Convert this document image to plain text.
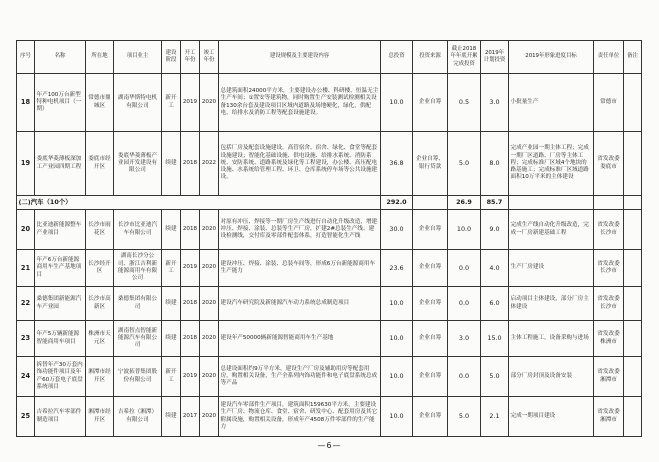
序号	名称	所在地	项目业主	建设阶段	开工年份	竣工年份	建设规模及主要建设内容	总投资	投资来源	截止2018年年底开累完成投资	2019年计划投资	2019年形象进度目标	责任单位	备注
18	年产100万台新型特种电机项目（一期）	常德市鼎城区	湖南华斯特电机有限公司	新开工	2019	2020	总建筑面积24000平方米，主要建设办公楼、科研楼、恒温无尘生产车间；①置安等建筑物，同时购置生产安装测试检测相关设备130余台套及建设项目区域内道路及场地硬化，绿化，供配电，给排水及消防工程等配套设施建设。	10.0	企业自筹	0.5	3.0	小批量生产	常德市	
19	娄底华菱薄板深加工产业园四期工程	娄底市经开区	娄底华菱薄板产业园开发建设有限公司	续建	2018	2022	包括厂房及配套设施建设。高管宿舍、宿舍、绿化、食堂等配套设施建设；智能化基础设施、供电设施、给排水系统、消防系统、安防系统、道路系统及绿化等工程建设，办公楼、高压配电设施、水系统给管理工程、环卫、仓库系统停车场等公共设施建设。	36.8	企业自筹、银行贷款	5.0	8.0	完成产业园一期主体工程；完成一期厂区道路、厂房等主体工程；完成标准厂区域4个地块的路基施工；完成标准厂区域道路面积10万平米的主体建设	省发改委娄底市	
(二)汽车（10个）								292.0		26.9	85.7			
20	比亚迪新能源整车产业项目	长沙市雨花区	长沙市比亚迪汽车有限公司	续建	2018	2020	对原有冲压、焊接等一期厂房生产线进行自动化升级改造，增建冲压、焊接、涂装、总装等生产厂房，扩建2#总装生产线、建设检测线，交付库及零部件配套体系，打造智能化生产线	30.0	企业自筹	10.0	9.0	完成生产线自动化升级改造，完成一厂房新建基础工程	省发改委长沙市	
21	年产6万台新能源商用车生产基地项目	长沙经开区	湖南长沙分公司、浙江吉利新能源商用车有限公司	新开工	2019	2020	建设冲压、焊接、涂装、总装车间等，形成6万台新能源商用车生产能力	23.6	企业自筹	0.0	4.0	生产厂房建设	省发改委长沙市	
22	桑德集团新能源汽车产业园	长沙市高新区	桑德集团有限公司	续建	2018	2020	建设汽车研究院及新能源汽车动力系统总成制造项目	10.0	企业自筹	0.0	6.0	启动项目主体建设，部分厂房主体建设	省发改委长沙市	
23	年产5万辆新能源智能商用车项目	株洲市天元区	湖南智点智能新能源汽车有限公司	续建	2018	2020	建设年产50000辆新能源智能商用车生产基地	10.0	企业自筹	3.0	15.0	主体工程施工，设备采购与进场	省发改委株洲市	
24	拆替年产30万套内饰功能件项目及年产60万套电子底盘系统项目	湘潭市经开区	宁波拓普集团股份有限公司	新开工	2019	2020	总建设面积约9万平方米，建设生产厂房及辅助用房等配套用房，购置相关设备，生产全系列内饰功能件和电子底盘系统总成等产品	10.0	企业自筹	0.0	5.0	部分厂房封顶及设备安装	省发改委湘潭市	
25	吉希拉汽车零部件制造项目	湘潭市经开区	吉希拉（湘潭）有限公司	续建	2017	2020	建设汽车零部件生产项目，建筑面积159630平方米，主要建设生产厂房、物流仓库、食堂、宿舍、研发中心、配套用房及其它附属设施，购置相关设备，形成年产4508万件零部件的生产能力	10.0	企业自筹	5.0	2.1	完成一期项目建设	省发改委湘潭市	
—6—
